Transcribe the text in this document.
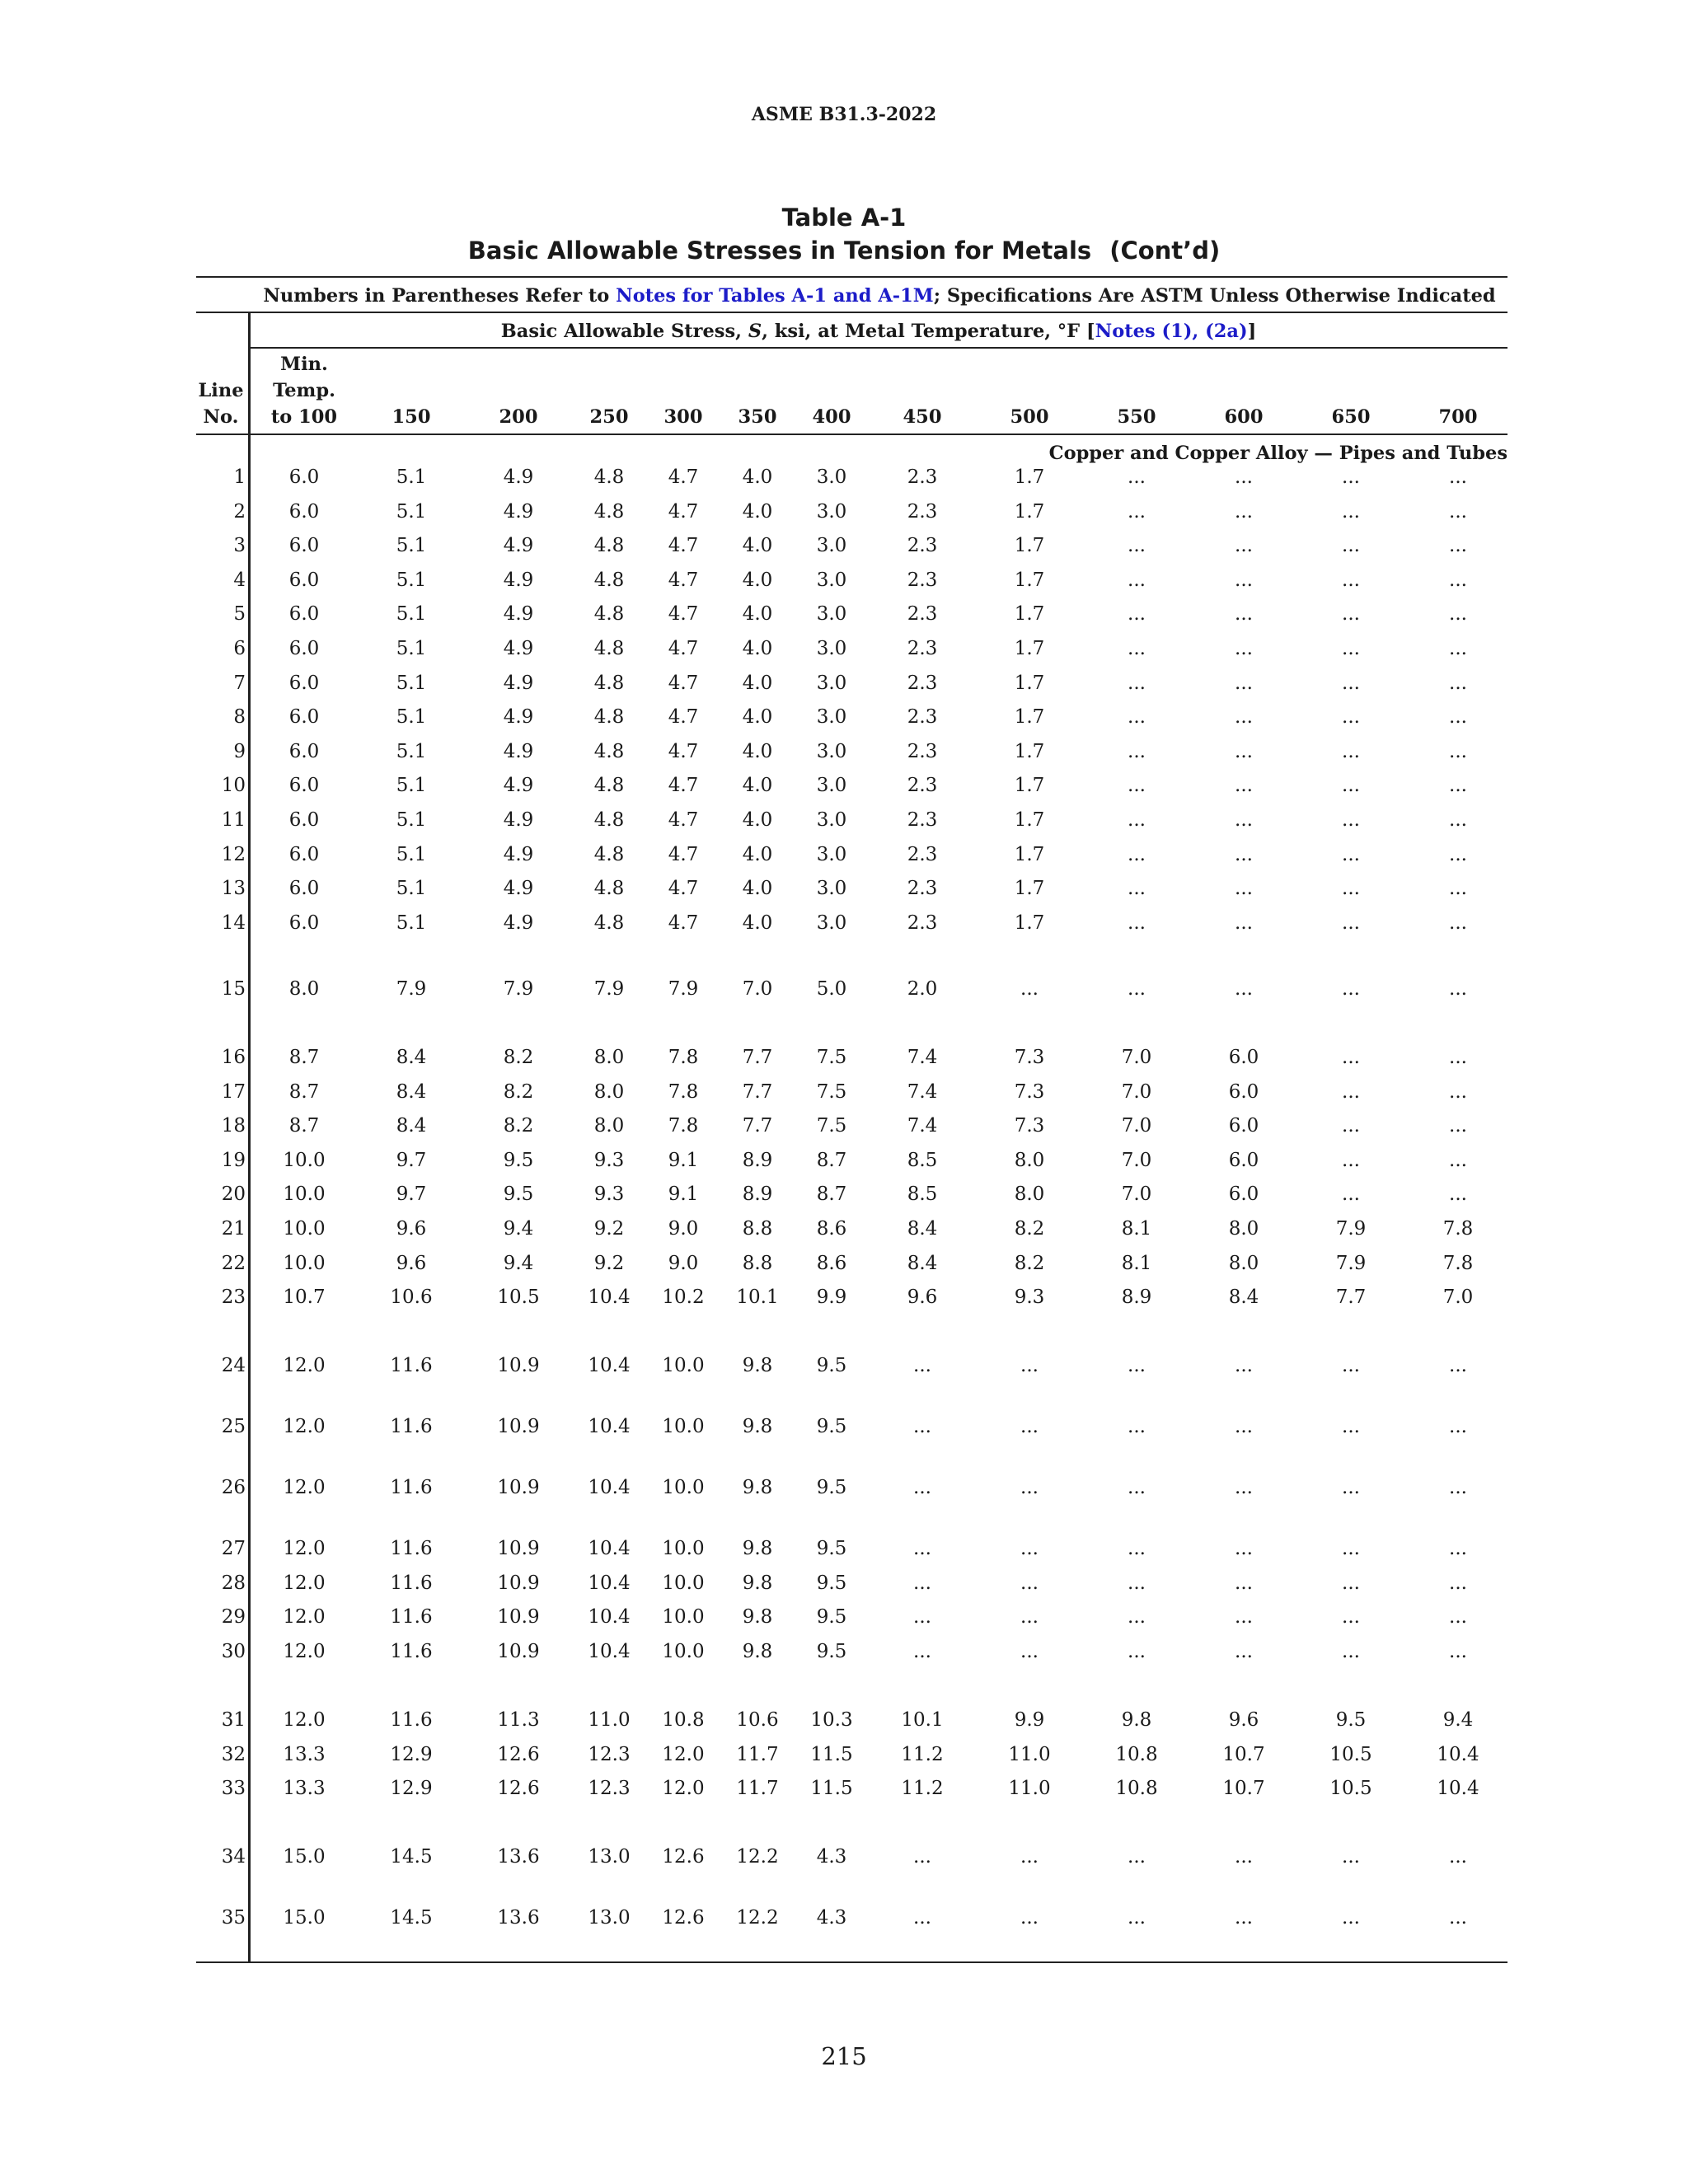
ASME B31.3-2022
Table A-1
Basic Allowable Stresses in Tension for Metals (Cont’d)
Numbers in Parentheses Refer to Notes for Tables A-1 and A-1M; Specifications Are ASTM Unless Otherwise Indicated
Basic Allowable Stress, S, ksi, at Metal Temperature, °F [Notes (1), (2a)]
Line
No.
Min.
Temp.
to 100	150	200	250	300	350	400	450	500	550	600	650	700
Copper and Copper Alloy — Pipes and Tubes
1	6.0	5.1	4.9	4.8	4.7	4.0	3.0	2.3	1.7	...	...	...	...
2	6.0	5.1	4.9	4.8	4.7	4.0	3.0	2.3	1.7	...	...	...	...
3	6.0	5.1	4.9	4.8	4.7	4.0	3.0	2.3	1.7	...	...	...	...
4	6.0	5.1	4.9	4.8	4.7	4.0	3.0	2.3	1.7	...	...	...	...
5	6.0	5.1	4.9	4.8	4.7	4.0	3.0	2.3	1.7	...	...	...	...
6	6.0	5.1	4.9	4.8	4.7	4.0	3.0	2.3	1.7	...	...	...	...
7	6.0	5.1	4.9	4.8	4.7	4.0	3.0	2.3	1.7	...	...	...	...
8	6.0	5.1	4.9	4.8	4.7	4.0	3.0	2.3	1.7	...	...	...	...
9	6.0	5.1	4.9	4.8	4.7	4.0	3.0	2.3	1.7	...	...	...	...
10	6.0	5.1	4.9	4.8	4.7	4.0	3.0	2.3	1.7	...	...	...	...
11	6.0	5.1	4.9	4.8	4.7	4.0	3.0	2.3	1.7	...	...	...	...
12	6.0	5.1	4.9	4.8	4.7	4.0	3.0	2.3	1.7	...	...	...	...
13	6.0	5.1	4.9	4.8	4.7	4.0	3.0	2.3	1.7	...	...	...	...
14	6.0	5.1	4.9	4.8	4.7	4.0	3.0	2.3	1.7	...	...	...	...
15	8.0	7.9	7.9	7.9	7.9	7.0	5.0	2.0	...	...	...	...	...
16	8.7	8.4	8.2	8.0	7.8	7.7	7.5	7.4	7.3	7.0	6.0	...	...
17	8.7	8.4	8.2	8.0	7.8	7.7	7.5	7.4	7.3	7.0	6.0	...	...
18	8.7	8.4	8.2	8.0	7.8	7.7	7.5	7.4	7.3	7.0	6.0	...	...
19	10.0	9.7	9.5	9.3	9.1	8.9	8.7	8.5	8.0	7.0	6.0	...	...
20	10.0	9.7	9.5	9.3	9.1	8.9	8.7	8.5	8.0	7.0	6.0	...	...
21	10.0	9.6	9.4	9.2	9.0	8.8	8.6	8.4	8.2	8.1	8.0	7.9	7.8
22	10.0	9.6	9.4	9.2	9.0	8.8	8.6	8.4	8.2	8.1	8.0	7.9	7.8
23	10.7	10.6	10.5	10.4	10.2	10.1	9.9	9.6	9.3	8.9	8.4	7.7	7.0
24	12.0	11.6	10.9	10.4	10.0	9.8	9.5	...	...	...	...	...	...
25	12.0	11.6	10.9	10.4	10.0	9.8	9.5	...	...	...	...	...	...
26	12.0	11.6	10.9	10.4	10.0	9.8	9.5	...	...	...	...	...	...
27	12.0	11.6	10.9	10.4	10.0	9.8	9.5	...	...	...	...	...	...
28	12.0	11.6	10.9	10.4	10.0	9.8	9.5	...	...	...	...	...	...
29	12.0	11.6	10.9	10.4	10.0	9.8	9.5	...	...	...	...	...	...
30	12.0	11.6	10.9	10.4	10.0	9.8	9.5	...	...	...	...	...	...
31	12.0	11.6	11.3	11.0	10.8	10.6	10.3	10.1	9.9	9.8	9.6	9.5	9.4
32	13.3	12.9	12.6	12.3	12.0	11.7	11.5	11.2	11.0	10.8	10.7	10.5	10.4
33	13.3	12.9	12.6	12.3	12.0	11.7	11.5	11.2	11.0	10.8	10.7	10.5	10.4
34	15.0	14.5	13.6	13.0	12.6	12.2	4.3	...	...	...	...	...	...
35	15.0	14.5	13.6	13.0	12.6	12.2	4.3	...	...	...	...	...	...
215
